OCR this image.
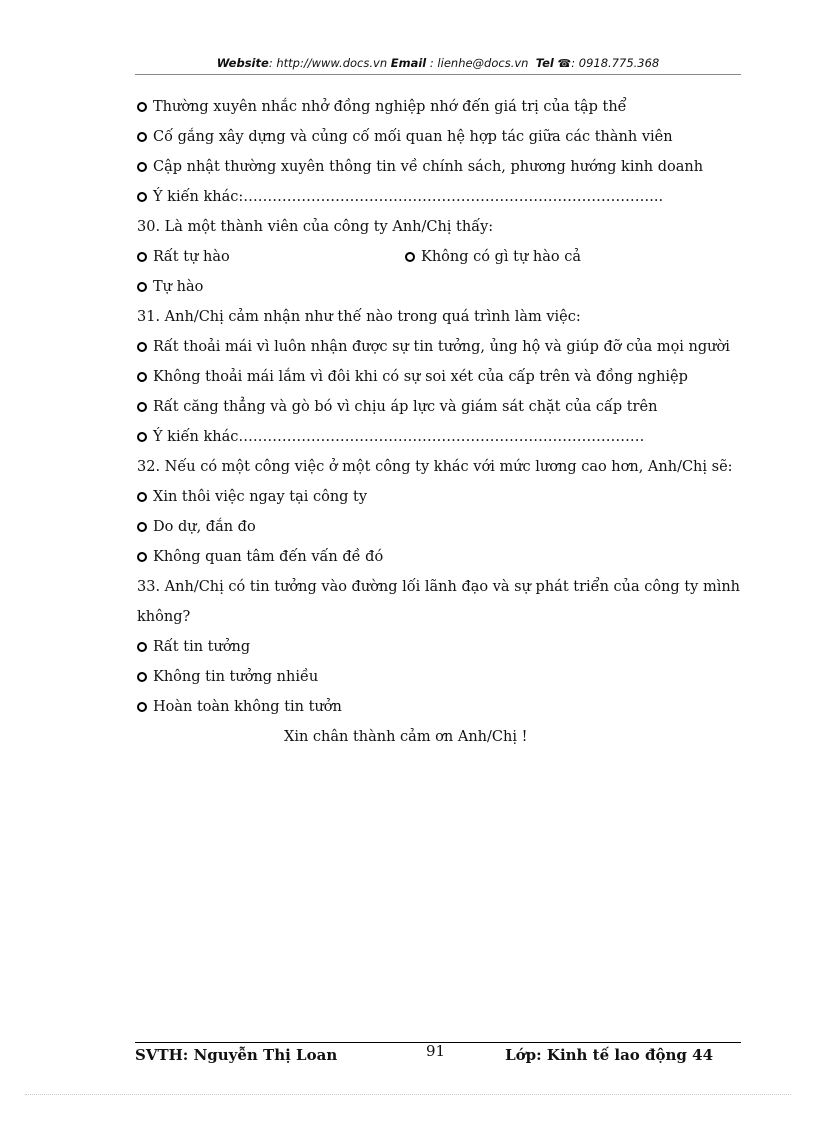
Website: http://www.docs.vn Email : lienhe@docs.vn Tel ☎: 0918.775.368
Thường xuyên nhắc nhở đồng nghiệp nhớ đến giá trị của tập thể
Cố gắng xây dựng và củng cố mối quan hệ hợp tác giữa các thành viên
Cập nhật thường xuyên thông tin về chính sách, phương hướng kinh doanh
Ý kiến khác:…………………………………………………………………………...
30. Là một thành viên của công ty Anh/Chị thấy:
Rất tự hào	Không có gì tự hào cả
Tự hào
31. Anh/Chị cảm nhận như thế nào trong quá trình làm việc:
Rất thoải mái vì luôn nhận được sự tin tưởng, ủng hộ và giúp đỡ của mọi người
Không thoải mái lắm vì đôi khi có sự soi xét của cấp trên và đồng nghiệp
Rất căng thẳng và gò bó vì chịu áp lực và giám sát chặt của cấp trên
Ý kiến khác…………………………………………………………………………
32. Nếu có một công việc ở một công ty khác với mức lương cao hơn, Anh/Chị sẽ:
Xin thôi việc ngay tại công ty
Do dự, đắn đo
Không quan tâm đến vấn đề đó
33. Anh/Chị có tin tưởng vào đường lối lãnh đạo và sự phát triển của công ty mình không?
Rất tin tưởng
Không tin tưởng nhiều
Hoàn toàn không tin tưởn
Xin chân thành cảm ơn Anh/Chị !
SVTH: Nguyễn Thị Loan	91	Lớp: Kinh tế lao động 44
